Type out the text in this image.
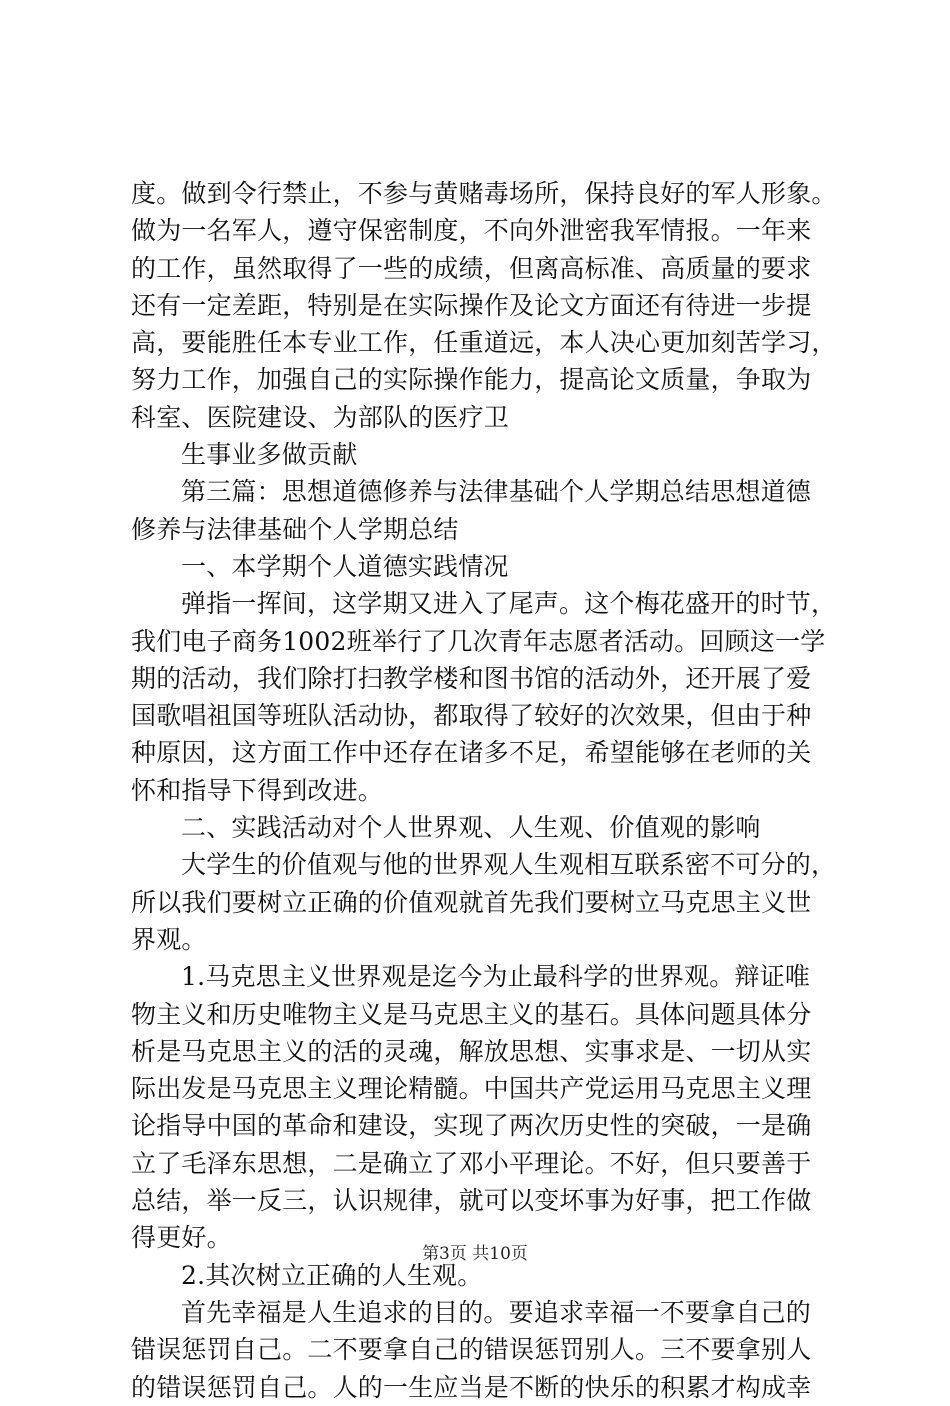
度。做到令行禁止，不参与黄赌毒场所，保持良好的军人形象。
做为一名军人，遵守保密制度，不向外泄密我军情报。一年来
的工作，虽然取得了一些的成绩，但离高标准、高质量的要求
还有一定差距，特别是在实际操作及论文方面还有待进一步提
高，要能胜任本专业工作，任重道远，本人决心更加刻苦学习，
努力工作，加强自己的实际操作能力，提高论文质量，争取为
科室、医院建设、为部队的医疗卫
生事业多做贡献
第三篇：思想道德修养与法律基础个人学期总结思想道德
修养与法律基础个人学期总结
一、本学期个人道德实践情况
弹指一挥间，这学期又进入了尾声。这个梅花盛开的时节，
我们电子商务1002班举行了几次青年志愿者活动。回顾这一学
期的活动，我们除打扫教学楼和图书馆的活动外，还开展了爱
国歌唱祖国等班队活动协，都取得了较好的次效果，但由于种
种原因，这方面工作中还存在诸多不足，希望能够在老师的关
怀和指导下得到改进。
二、实践活动对个人世界观、人生观、价值观的影响
大学生的价值观与他的世界观人生观相互联系密不可分的，
所以我们要树立正确的价值观就首先我们要树立马克思主义世
界观。
1.马克思主义世界观是迄今为止最科学的世界观。辩证唯
物主义和历史唯物主义是马克思主义的基石。具体问题具体分
析是马克思主义的活的灵魂，解放思想、实事求是、一切从实
际出发是马克思主义理论精髓。中国共产党运用马克思主义理
论指导中国的革命和建设，实现了两次历史性的突破，一是确
立了毛泽东思想，二是确立了邓小平理论。不好，但只要善于
总结，举一反三，认识规律，就可以变坏事为好事，把工作做
得更好。
2.其次树立正确的人生观。
首先幸福是人生追求的目的。要追求幸福一不要拿自己的
错误惩罚自己。二不要拿自己的错误惩罚别人。三不要拿别人
的错误惩罚自己。人的一生应当是不断的快乐的积累才构成幸
第3页 共10页
